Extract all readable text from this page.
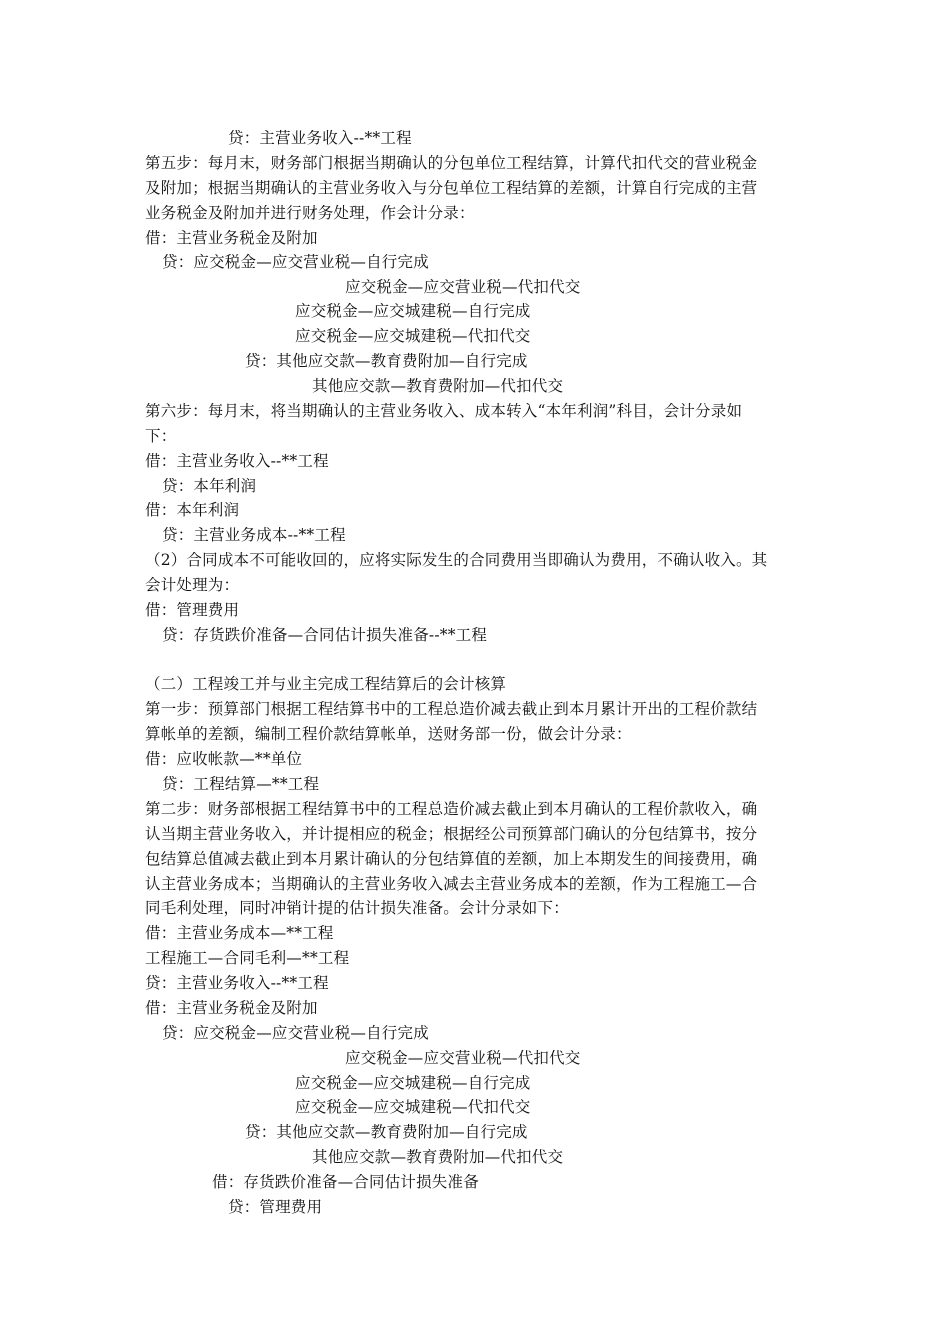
贷：主营业务收入--**工程
第五步：每月末，财务部门根据当期确认的分包单位工程结算，计算代扣代交的营业税金
及附加；根据当期确认的主营业务收入与分包单位工程结算的差额，计算自行完成的主营
业务税金及附加并进行财务处理，作会计分录：
借：主营业务税金及附加
贷：应交税金—应交营业税—自行完成
应交税金—应交营业税—代扣代交
应交税金—应交城建税—自行完成
应交税金—应交城建税—代扣代交
贷：其他应交款—教育费附加—自行完成
其他应交款—教育费附加—代扣代交
第六步：每月末，将当期确认的主营业务收入、成本转入“本年利润”科目，会计分录如
下：
借：主营业务收入--**工程
贷：本年利润
借：本年利润
贷：主营业务成本--**工程
（2）合同成本不可能收回的，应将实际发生的合同费用当即确认为费用，不确认收入。其
会计处理为：
借：管理费用
贷：存货跌价准备—合同估计损失准备--**工程
（二）工程竣工并与业主完成工程结算后的会计核算
第一步：预算部门根据工程结算书中的工程总造价减去截止到本月累计开出的工程价款结
算帐单的差额，编制工程价款结算帐单，送财务部一份，做会计分录：
借：应收帐款—**单位
贷：工程结算—**工程
第二步：财务部根据工程结算书中的工程总造价减去截止到本月确认的工程价款收入，确
认当期主营业务收入，并计提相应的税金；根据经公司预算部门确认的分包结算书，按分
包结算总值减去截止到本月累计确认的分包结算值的差额，加上本期发生的间接费用，确
认主营业务成本；当期确认的主营业务收入减去主营业务成本的差额，作为工程施工—合
同毛利处理，同时冲销计提的估计损失准备。会计分录如下：
借：主营业务成本—**工程
工程施工—合同毛利—**工程
贷：主营业务收入--**工程
借：主营业务税金及附加
贷：应交税金—应交营业税—自行完成
应交税金—应交营业税—代扣代交
应交税金—应交城建税—自行完成
应交税金—应交城建税—代扣代交
贷：其他应交款—教育费附加—自行完成
其他应交款—教育费附加—代扣代交
借：存货跌价准备—合同估计损失准备
贷：管理费用
